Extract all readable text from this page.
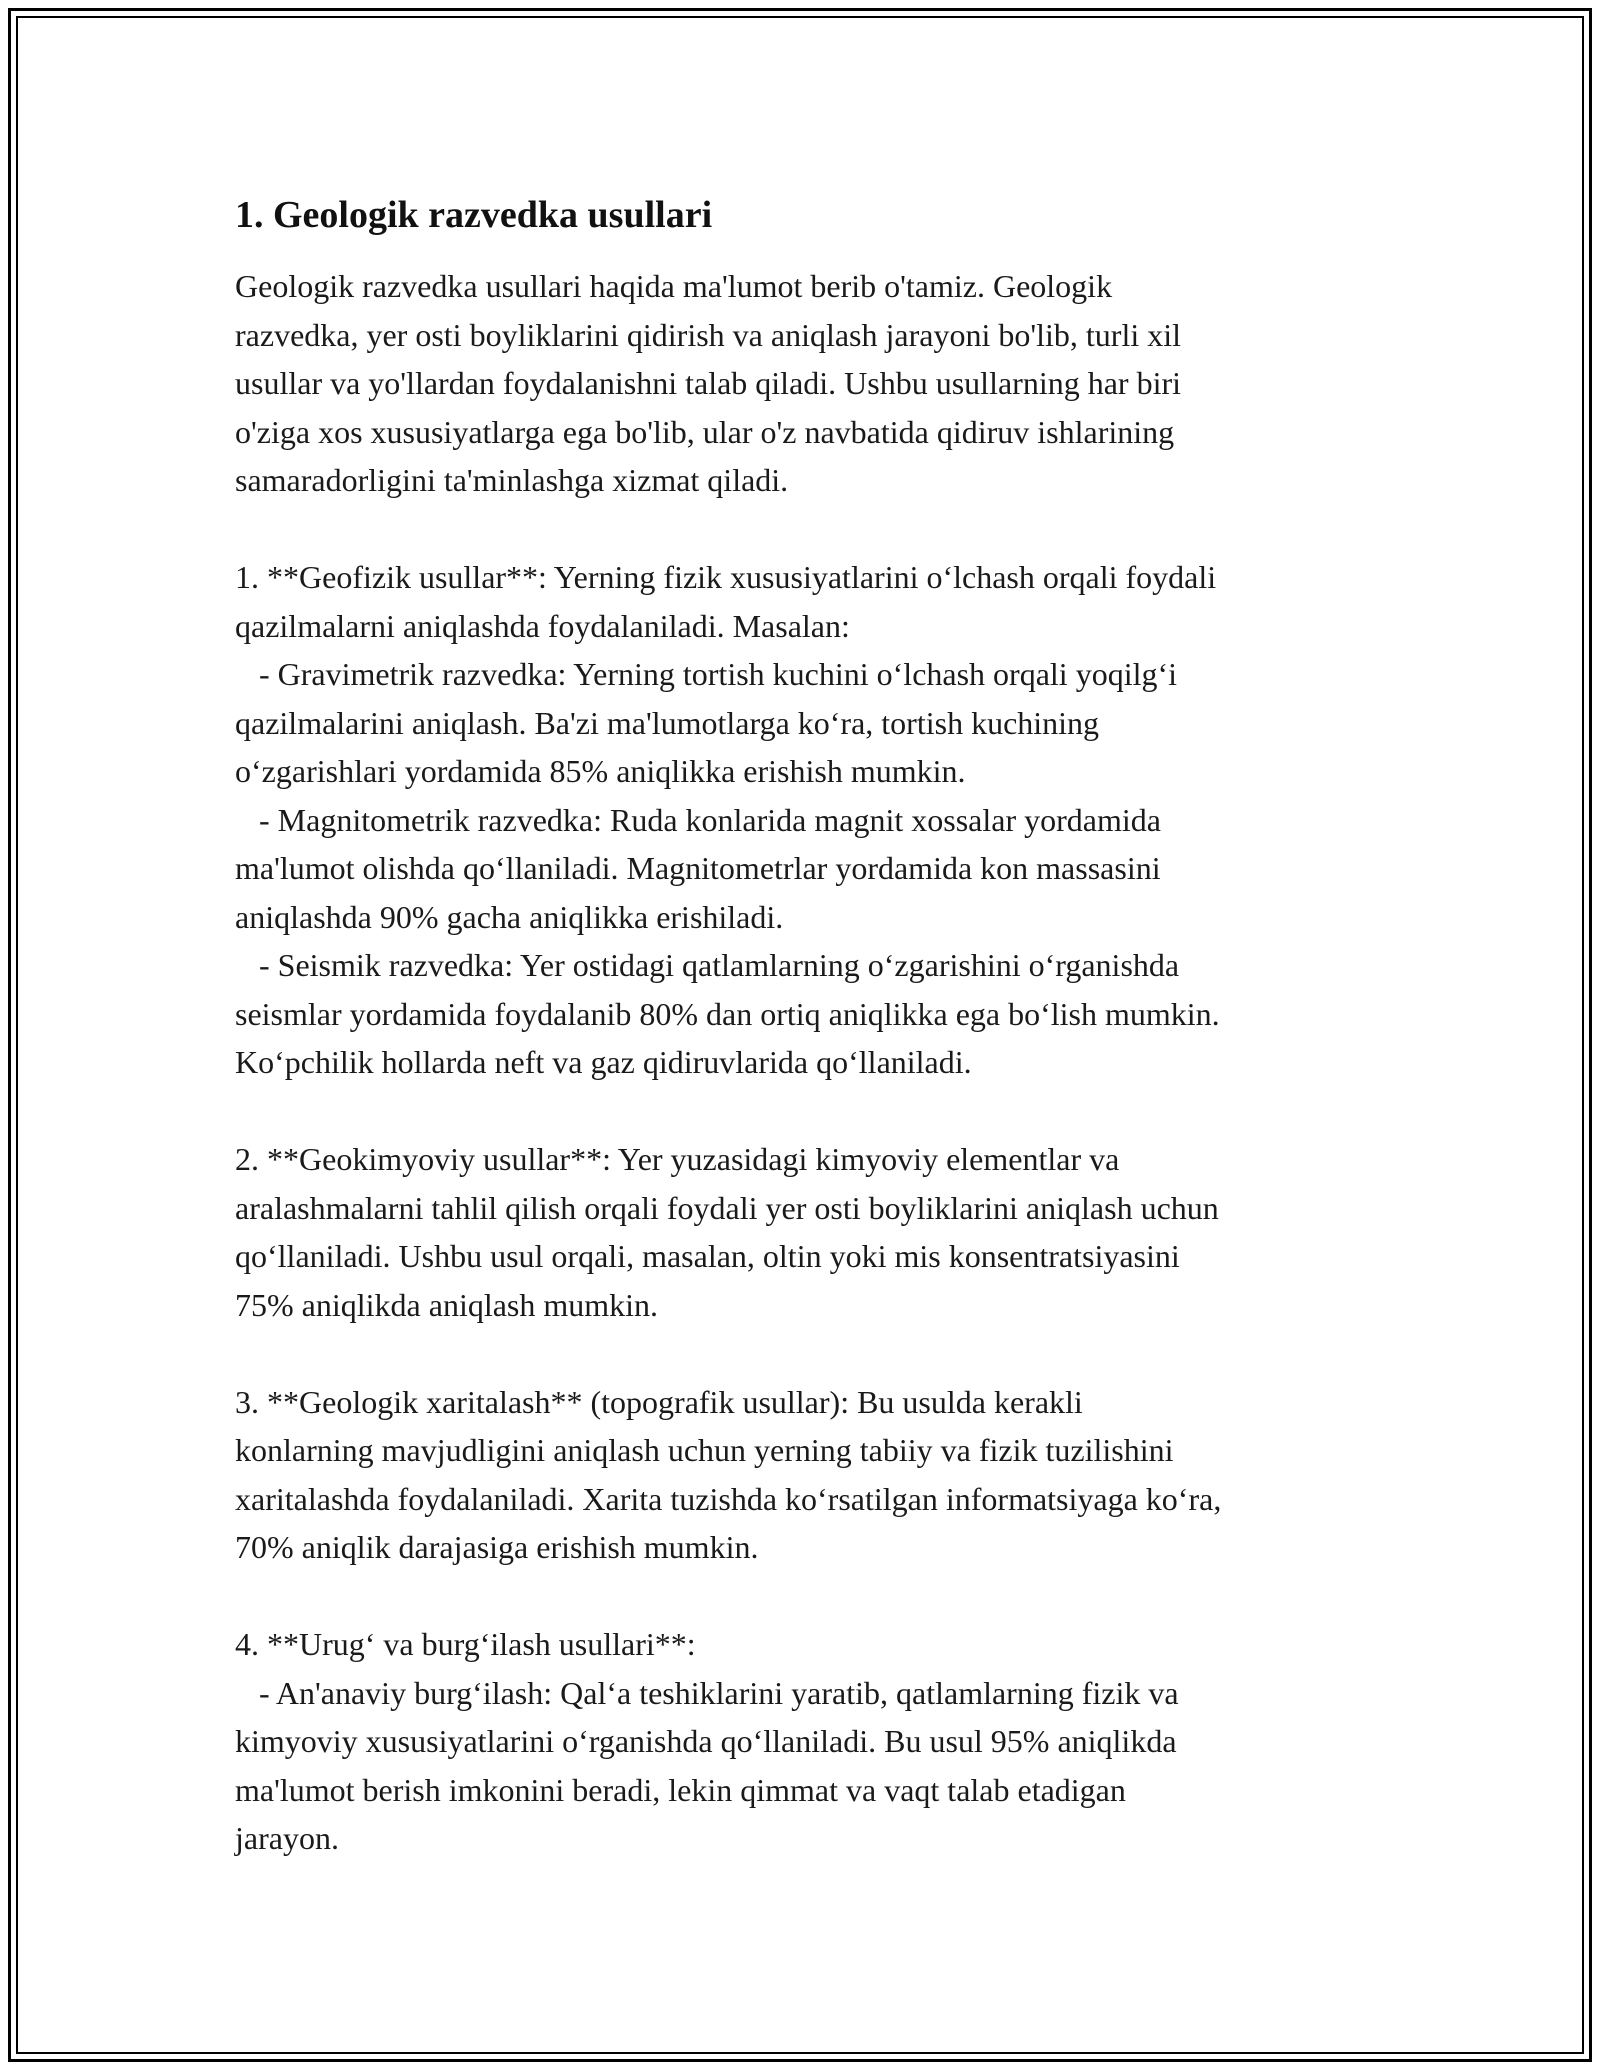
1. Geologik razvedka usullari

Geologik razvedka usullari haqida ma'lumot berib o'tamiz. Geologik

razvedka, yer osti boyliklarini qidirish va aniqlash jarayoni bo'lib, turli xil

usullar va yo'llardan foydalanishni talab qiladi. Ushbu usullarning har biri

o'ziga xos xususiyatlarga ega bo'lib, ular o'z navbatida qidiruv ishlarining

samaradorligini ta'minlashga xizmat qiladi.

1. **Geofizik usullar**: Yerning fizik xususiyatlarini oʻlchash orqali foydali

qazilmalarni aniqlashda foydalaniladi. Masalan:

- Gravimetrik razvedka: Yerning tortish kuchini oʻlchash orqali yoqilgʻi

qazilmalarini aniqlash. Ba'zi ma'lumotlarga koʻra, tortish kuchining

oʻzgarishlari yordamida 85% aniqlikka erishish mumkin.

- Magnitometrik razvedka: Ruda konlarida magnit xossalar yordamida

ma'lumot olishda qoʻllaniladi. Magnitometrlar yordamida kon massasini

aniqlashda 90% gacha aniqlikka erishiladi.

- Seismik razvedka: Yer ostidagi qatlamlarning oʻzgarishini oʻrganishda

seismlar yordamida foydalanib 80% dan ortiq aniqlikka ega boʻlish mumkin.

Koʻpchilik hollarda neft va gaz qidiruvlarida qoʻllaniladi.

2. **Geokimyoviy usullar**: Yer yuzasidagi kimyoviy elementlar va

aralashmalarni tahlil qilish orqali foydali yer osti boyliklarini aniqlash uchun

qoʻllaniladi. Ushbu usul orqali, masalan, oltin yoki mis konsentratsiyasini

75% aniqlikda aniqlash mumkin.

3. **Geologik xaritalash** (topografik usullar): Bu usulda kerakli

konlarning mavjudligini aniqlash uchun yerning tabiiy va fizik tuzilishini

xaritalashda foydalaniladi. Xarita tuzishda koʻrsatilgan informatsiyaga koʻra,

70% aniqlik darajasiga erishish mumkin.

4. **Urugʻ va burgʻilash usullari**:

- An'anaviy burgʻilash: Qalʻa teshiklarini yaratib, qatlamlarning fizik va

kimyoviy xususiyatlarini oʻrganishda qoʻllaniladi. Bu usul 95% aniqlikda

ma'lumot berish imkonini beradi, lekin qimmat va vaqt talab etadigan

jarayon.
